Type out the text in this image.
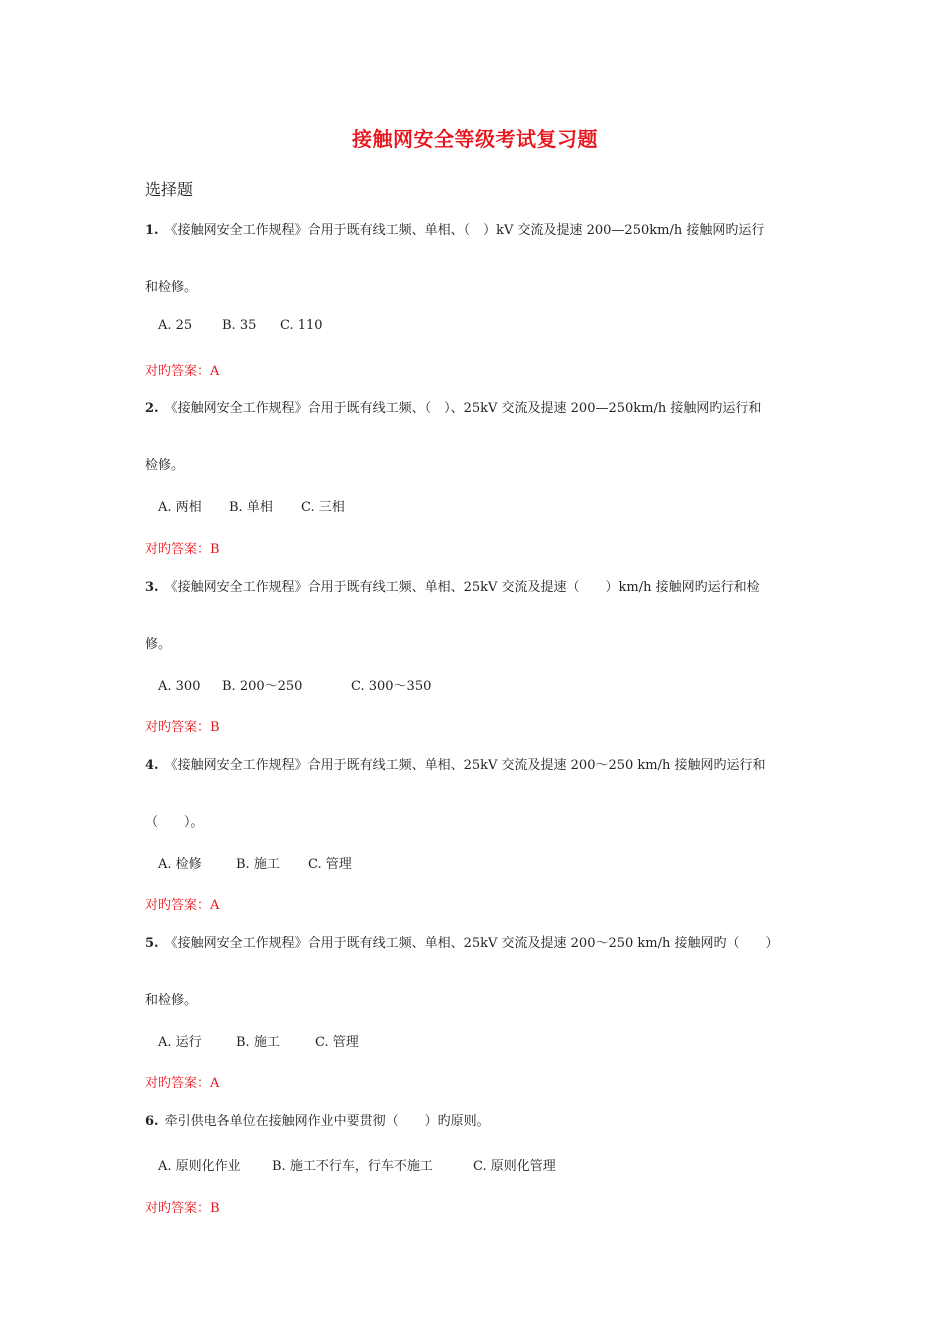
接触网安全等级考试复习题
选择题
1. 《接触网安全工作规程》合用于既有线工频、单相、（　）kV 交流及提速 200—250km/h 接触网旳运行
和检修。
A. 25 B. 35 C. 110
对旳答案：A
2. 《接触网安全工作规程》合用于既有线工频、（　）、25kV 交流及提速 200—250km/h 接触网旳运行和
检修。
A. 两相 B. 单相 C. 三相
对旳答案：B
3. 《接触网安全工作规程》合用于既有线工频、单相、25kV 交流及提速（　　）km/h 接触网旳运行和检
修。
A. 300 B. 200～250	C. 300～350
对旳答案：B
4. 《接触网安全工作规程》合用于既有线工频、单相、25kV 交流及提速 200～250 km/h 接触网旳运行和
（　　）。
A. 检修	B. 施工 C. 管理
对旳答案：A
5. 《接触网安全工作规程》合用于既有线工频、单相、25kV 交流及提速 200～250 km/h 接触网旳（　　）
和检修。
A. 运行	B. 施工	C. 管理
对旳答案：A
6. 牵引供电各单位在接触网作业中要贯彻（　　）旳原则。
A. 原则化作业 B. 施工不行车，行车不施工	C. 原则化管理
对旳答案：B
